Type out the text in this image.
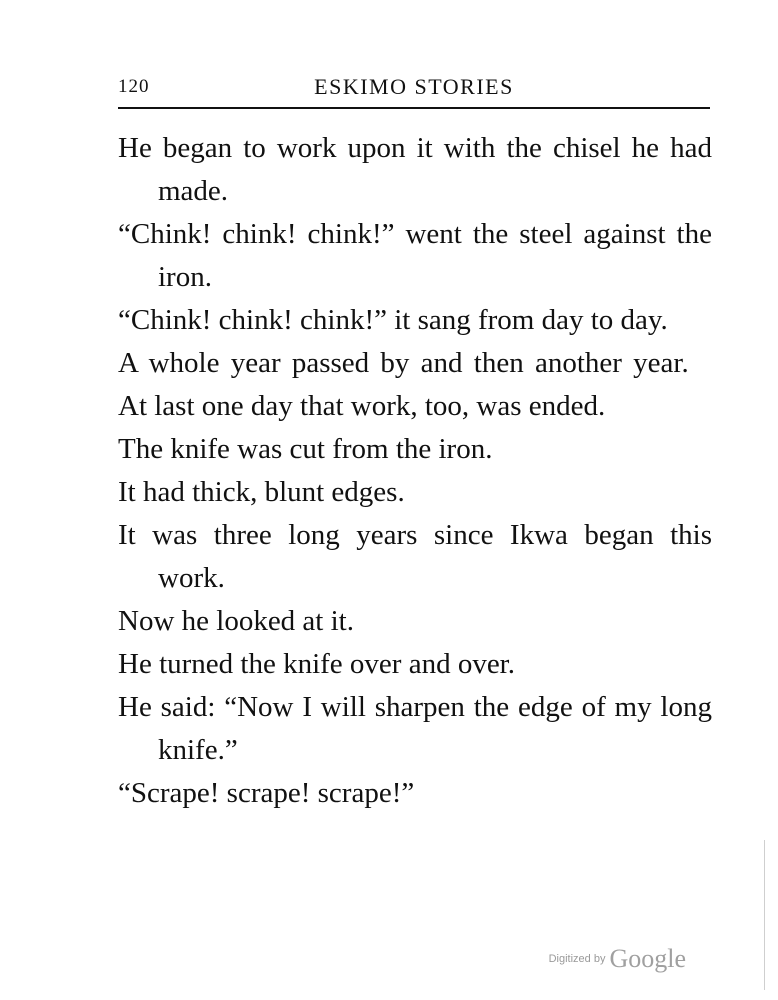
120	ESKIMO STORIES

He began to work upon it with the chisel he had made.

“Chink! chink! chink!” went the steel against the iron.

“Chink! chink! chink!” it sang from day to day.

A whole year passed by and then another year.

At last one day that work, too, was ended.

The knife was cut from the iron.

It had thick, blunt edges.

It was three long years since Ikwa began this work.

Now he looked at it.

He turned the knife over and over.

He said: “Now I will sharpen the edge of my long knife.”

“Scrape! scrape! scrape!”

Digitized by Google
